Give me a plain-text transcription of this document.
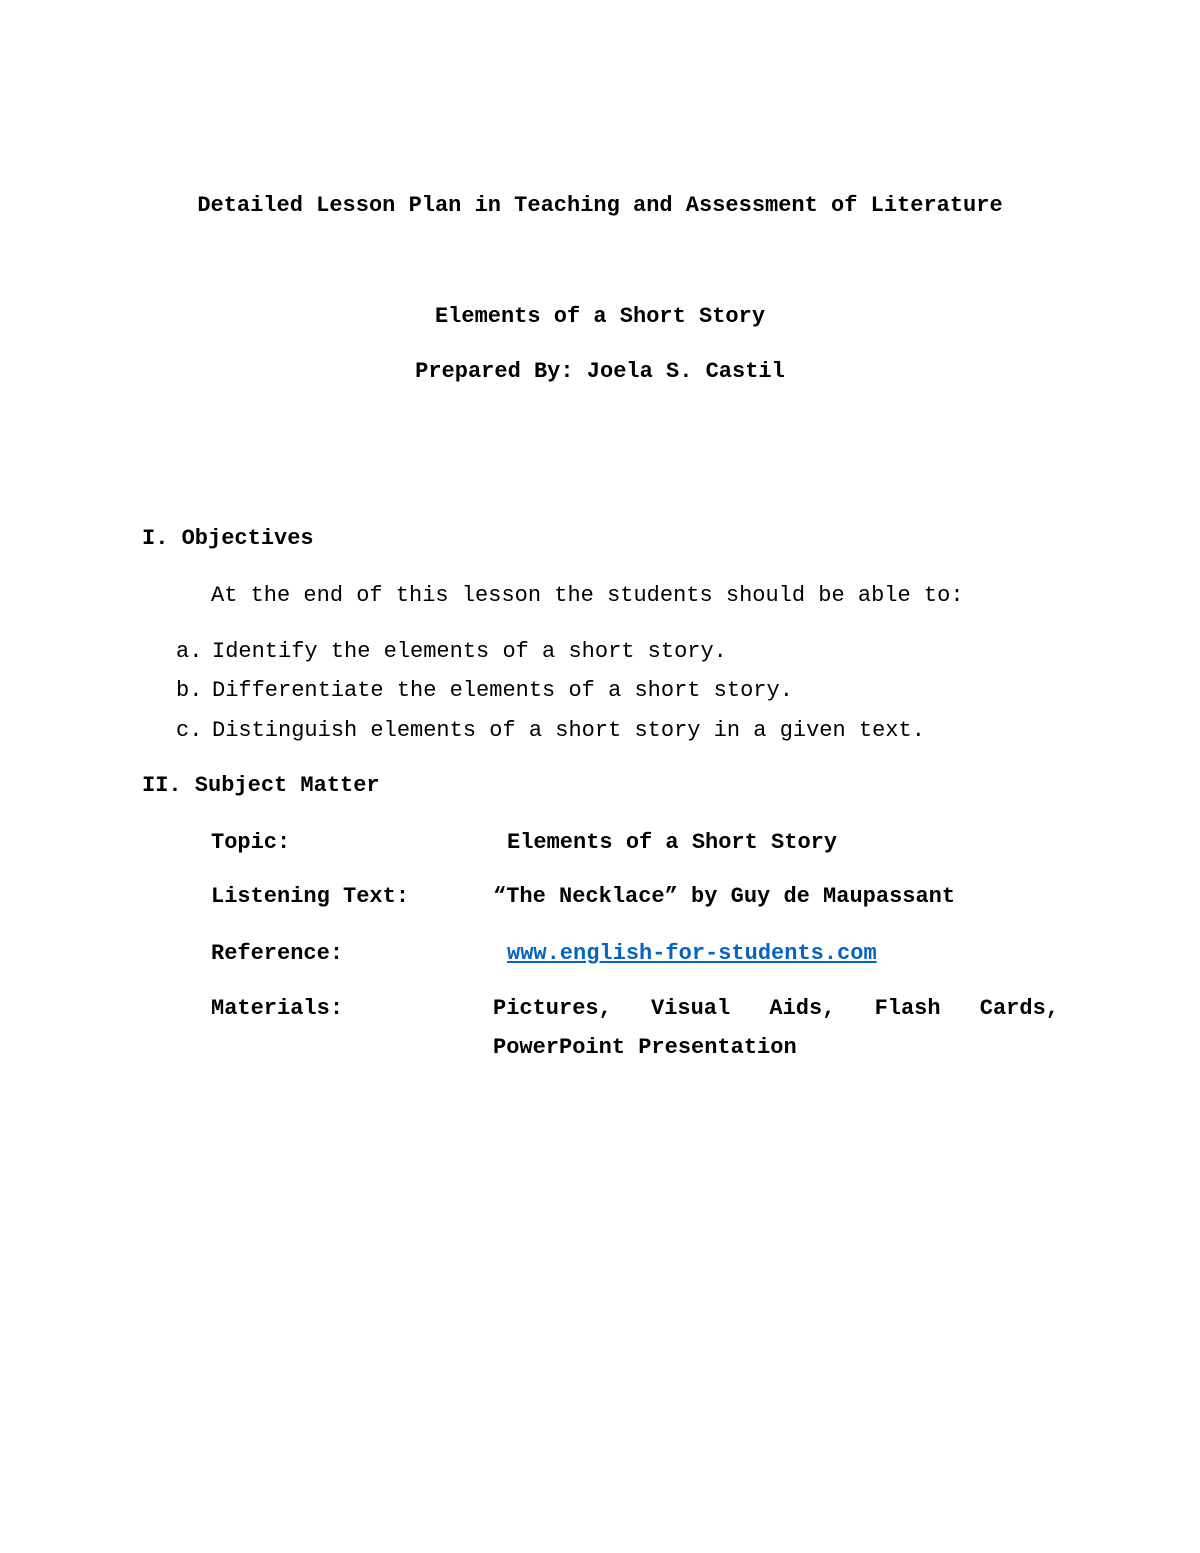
Detailed Lesson Plan in Teaching and Assessment of Literature
Elements of a Short Story
Prepared By: Joela S. Castil
I. Objectives
At the end of this lesson the students should be able to:
a. Identify the elements of a short story.
b. Differentiate the elements of a short story.
c. Distinguish elements of a short story in a given text.
II. Subject Matter
Topic:	Elements of a Short Story
Listening Text:	“The Necklace” by Guy de Maupassant
Reference:	www.english-for-students.com
Materials:	Pictures, Visual Aids, Flash Cards,
PowerPoint Presentation
